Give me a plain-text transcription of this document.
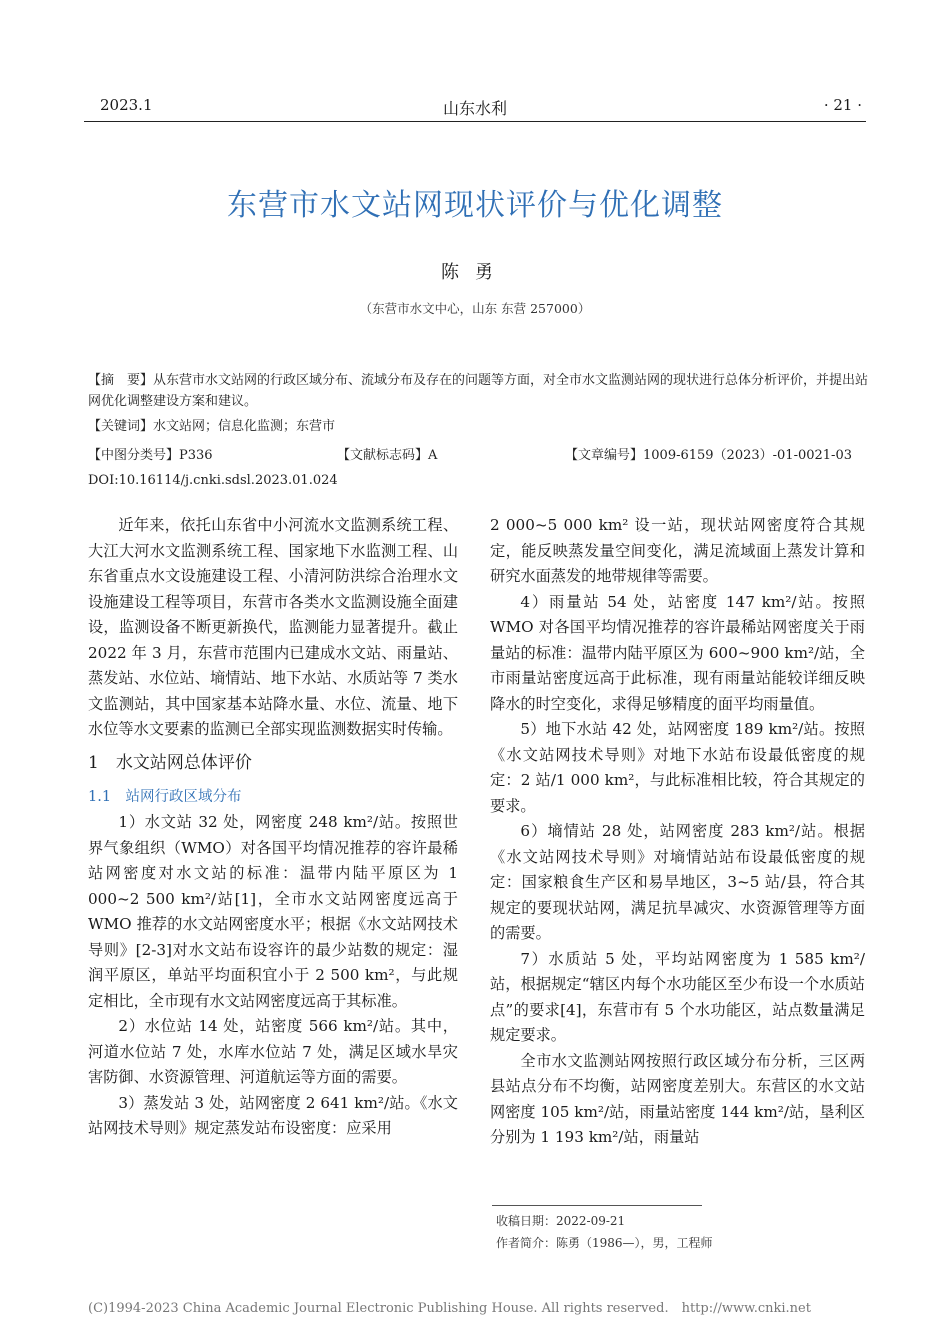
2023.1	山东水利	· 21 ·
东营市水文站网现状评价与优化调整
陈勇
（东营市水文中心，山东 东营 257000）
【摘　要】从东营市水文站网的行政区域分布、流域分布及存在的问题等方面，对全市水文监测站网的现状进行总体分析评价，并提出站网优化调整建设方案和建议。
【关键词】水文站网；信息化监测；东营市
【中图分类号】P336	【文献标志码】A	【文章编号】1009-6159（2023）-01-0021-03
DOI:10.16114/j.cnki.sdsl.2023.01.024

近年来，依托山东省中小河流水文监测系统工程、大江大河水文监测系统工程、国家地下水监测工程、山东省重点水文设施建设工程、小清河防洪综合治理水文设施建设工程等项目，东营市各类水文监测设施全面建设，监测设备不断更新换代，监测能力显著提升。截止 2022 年 3 月，东营市范围内已建成水文站、雨量站、蒸发站、水位站、墒情站、地下水站、水质站等 7 类水文监测站，其中国家基本站降水量、水位、流量、地下水位等水文要素的监测已全部实现监测数据实时传输。

1　水文站网总体评价

1.1　站网行政区域分布

1）水文站 32 处，网密度 248 km²/站。按照世界气象组织（WMO）对各国平均情况推荐的容许最稀站网密度对水文站的标准：温带内陆平原区为 1 000~2 500 km²/站[1]，全市水文站网密度远高于 WMO 推荐的水文站网密度水平；根据《水文站网技术导则》[2-3]对水文站布设容许的最少站数的规定：湿润平原区，单站平均面积宜小于 2 500 km²，与此规定相比，全市现有水文站网密度远高于其标准。

2）水位站 14 处，站密度 566 km²/站。其中，河道水位站 7 处，水库水位站 7 处，满足区域水旱灾害防御、水资源管理、河道航运等方面的需要。

3）蒸发站 3 处，站网密度 2 641 km²/站。《水文站网技术导则》规定蒸发站布设密度：应采用

2 000~5 000 km² 设一站，现状站网密度符合其规定，能反映蒸发量空间变化，满足流域面上蒸发计算和研究水面蒸发的地带规律等需要。

4）雨量站 54 处，站密度 147 km²/站。按照 WMO 对各国平均情况推荐的容许最稀站网密度关于雨量站的标准：温带内陆平原区为 600~900 km²/站，全市雨量站密度远高于此标准，现有雨量站能较详细反映降水的时空变化，求得足够精度的面平均雨量值。

5）地下水站 42 处，站网密度 189 km²/站。按照《水文站网技术导则》对地下水站布设最低密度的规定：2 站/1 000 km²，与此标准相比较，符合其规定的要求。

6）墒情站 28 处，站网密度 283 km²/站。根据《水文站网技术导则》对墒情站站布设最低密度的规定：国家粮食生产区和易旱地区，3~5 站/县，符合其规定的要现状站网，满足抗旱减灾、水资源管理等方面的需要。

7）水质站 5 处，平均站网密度为 1 585 km²/站，根据规定“辖区内每个水功能区至少布设一个水质站点”的要求[4]，东营市有 5 个水功能区，站点数量满足规定要求。

全市水文监测站网按照行政区域分布分析，三区两县站点分布不均衡，站网密度差别大。东营区的水文站网密度 105 km²/站，雨量站密度 144 km²/站，垦利区分别为 1 193 km²/站，雨量站

收稿日期：2022-09-21
作者简介：陈勇（1986—），男，工程师
(C)1994-2023 China Academic Journal Electronic Publishing House. All rights reserved.　http://www.cnki.net
